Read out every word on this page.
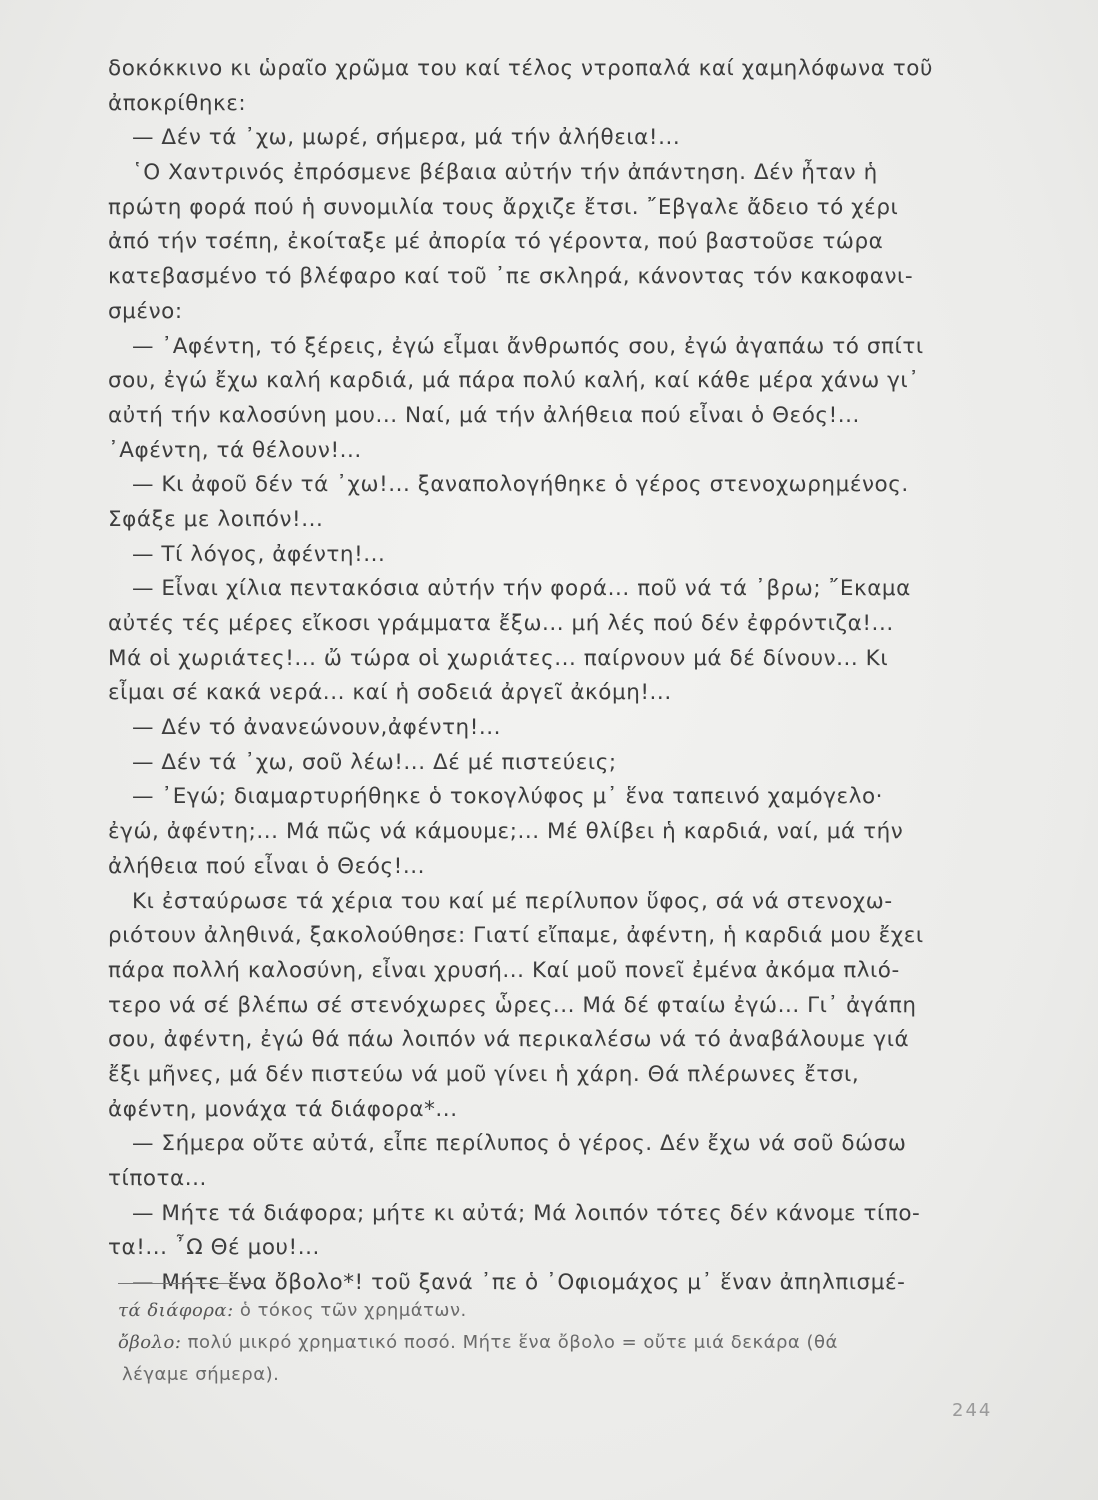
δοκόκκινο κι ὡραῖο χρῶμα του καί τέλος ντροπαλά καί χαμηλόφωνα τοῦ
ἀποκρίθηκε:
— Δέν τά ᾿χω, μωρέ, σήμερα, μά τήν ἀλήθεια!...
῾Ο Χαντρινός ἐπρόσμενε βέβαια αὐτήν τήν ἀπάντηση. Δέν ἦταν ἡ
πρώτη φορά πού ἡ συνομιλία τους ἄρχιζε ἔτσι. ῎Εβγαλε ἄδειο τό χέρι
ἀπό τήν τσέπη, ἐκοίταξε μέ ἀπορία τό γέροντα, πού βαστοῦσε τώρα
κατεβασμένο τό βλέφαρο καί τοῦ ᾿πε σκληρά, κάνοντας τόν κακοφανι-
σμένο:
— ᾿Αφέντη, τό ξέρεις, ἐγώ εἶμαι ἄνθρωπός σου, ἐγώ ἀγαπάω τό σπίτι
σου, ἐγώ ἔχω καλή καρδιά, μά πάρα πολύ καλή, καί κάθε μέρα χάνω γι᾿
αὐτή τήν καλοσύνη μου... Ναί, μά τήν ἀλήθεια πού εἶναι ὁ Θεός!...
᾿Αφέντη, τά θέλουν!...
— Κι ἀφοῦ δέν τά ᾿χω!... ξαναπολογήθηκε ὁ γέρος στενοχωρημένος.
Σφάξε με λοιπόν!...
— Τί λόγος, ἀφέντη!...
— Εἶναι χίλια πεντακόσια αὐτήν τήν φορά... ποῦ νά τά ᾿βρω; ῎Εκαμα
αὐτές τές μέρες εἴκοσι γράμματα ἔξω... μή λές πού δέν ἐφρόντιζα!...
Μά οἱ χωριάτες!... ὤ τώρα οἱ χωριάτες... παίρνουν μά δέ δίνουν... Κι
εἶμαι σέ κακά νερά... καί ἡ σοδειά ἀργεῖ ἀκόμη!...
— Δέν τό ἀνανεώνουν,ἀφέντη!...
— Δέν τά ᾿χω, σοῦ λέω!... Δέ μέ πιστεύεις;
— ᾿Εγώ; διαμαρτυρήθηκε ὁ τοκογλύφος μ᾿ ἕνα ταπεινό χαμόγελο·
ἐγώ, ἀφέντη;... Μά πῶς νά κάμουμε;... Μέ θλίβει ἡ καρδιά, ναί, μά τήν
ἀλήθεια πού εἶναι ὁ Θεός!...
Κι ἐσταύρωσε τά χέρια του καί μέ περίλυπον ὕφος, σά νά στενοχω-
ριότουν ἀληθινά, ξακολούθησε: Γιατί εἴπαμε, ἀφέντη, ἡ καρδιά μου ἔχει
πάρα πολλή καλοσύνη, εἶναι χρυσή... Καί μοῦ πονεῖ ἐμένα ἀκόμα πλιό-
τερο νά σέ βλέπω σέ στενόχωρες ὧρες... Μά δέ φταίω ἐγώ... Γι᾿ ἀγάπη
σου, ἀφέντη, ἐγώ θά πάω λοιπόν νά περικαλέσω νά τό ἀναβάλουμε γιά
ἔξι μῆνες, μά δέν πιστεύω νά μοῦ γίνει ἡ χάρη. Θά πλέρωνες ἔτσι,
ἀφέντη, μονάχα τά διάφορα*...
— Σήμερα οὔτε αὐτά, εἶπε περίλυπος ὁ γέρος. Δέν ἔχω νά σοῦ δώσω
τίποτα...
— Μήτε τά διάφορα; μήτε κι αὐτά; Μά λοιπόν τότες δέν κάνομε τίπο-
τα!... ῏Ω Θέ μου!...
— Μήτε ἕνα ὄβολο*! τοῦ ξανά ᾿πε ὁ ᾿Οφιομάχος μ᾿ ἕναν ἀπηλπισμέ-
τά διάφορα: ὁ τόκος τῶν χρημάτων.
ὄβολο: πολύ μικρό χρηματικό ποσό. Μήτε ἕνα ὄβολο = οὔτε μιά δεκάρα (θά
λέγαμε σήμερα).
244
